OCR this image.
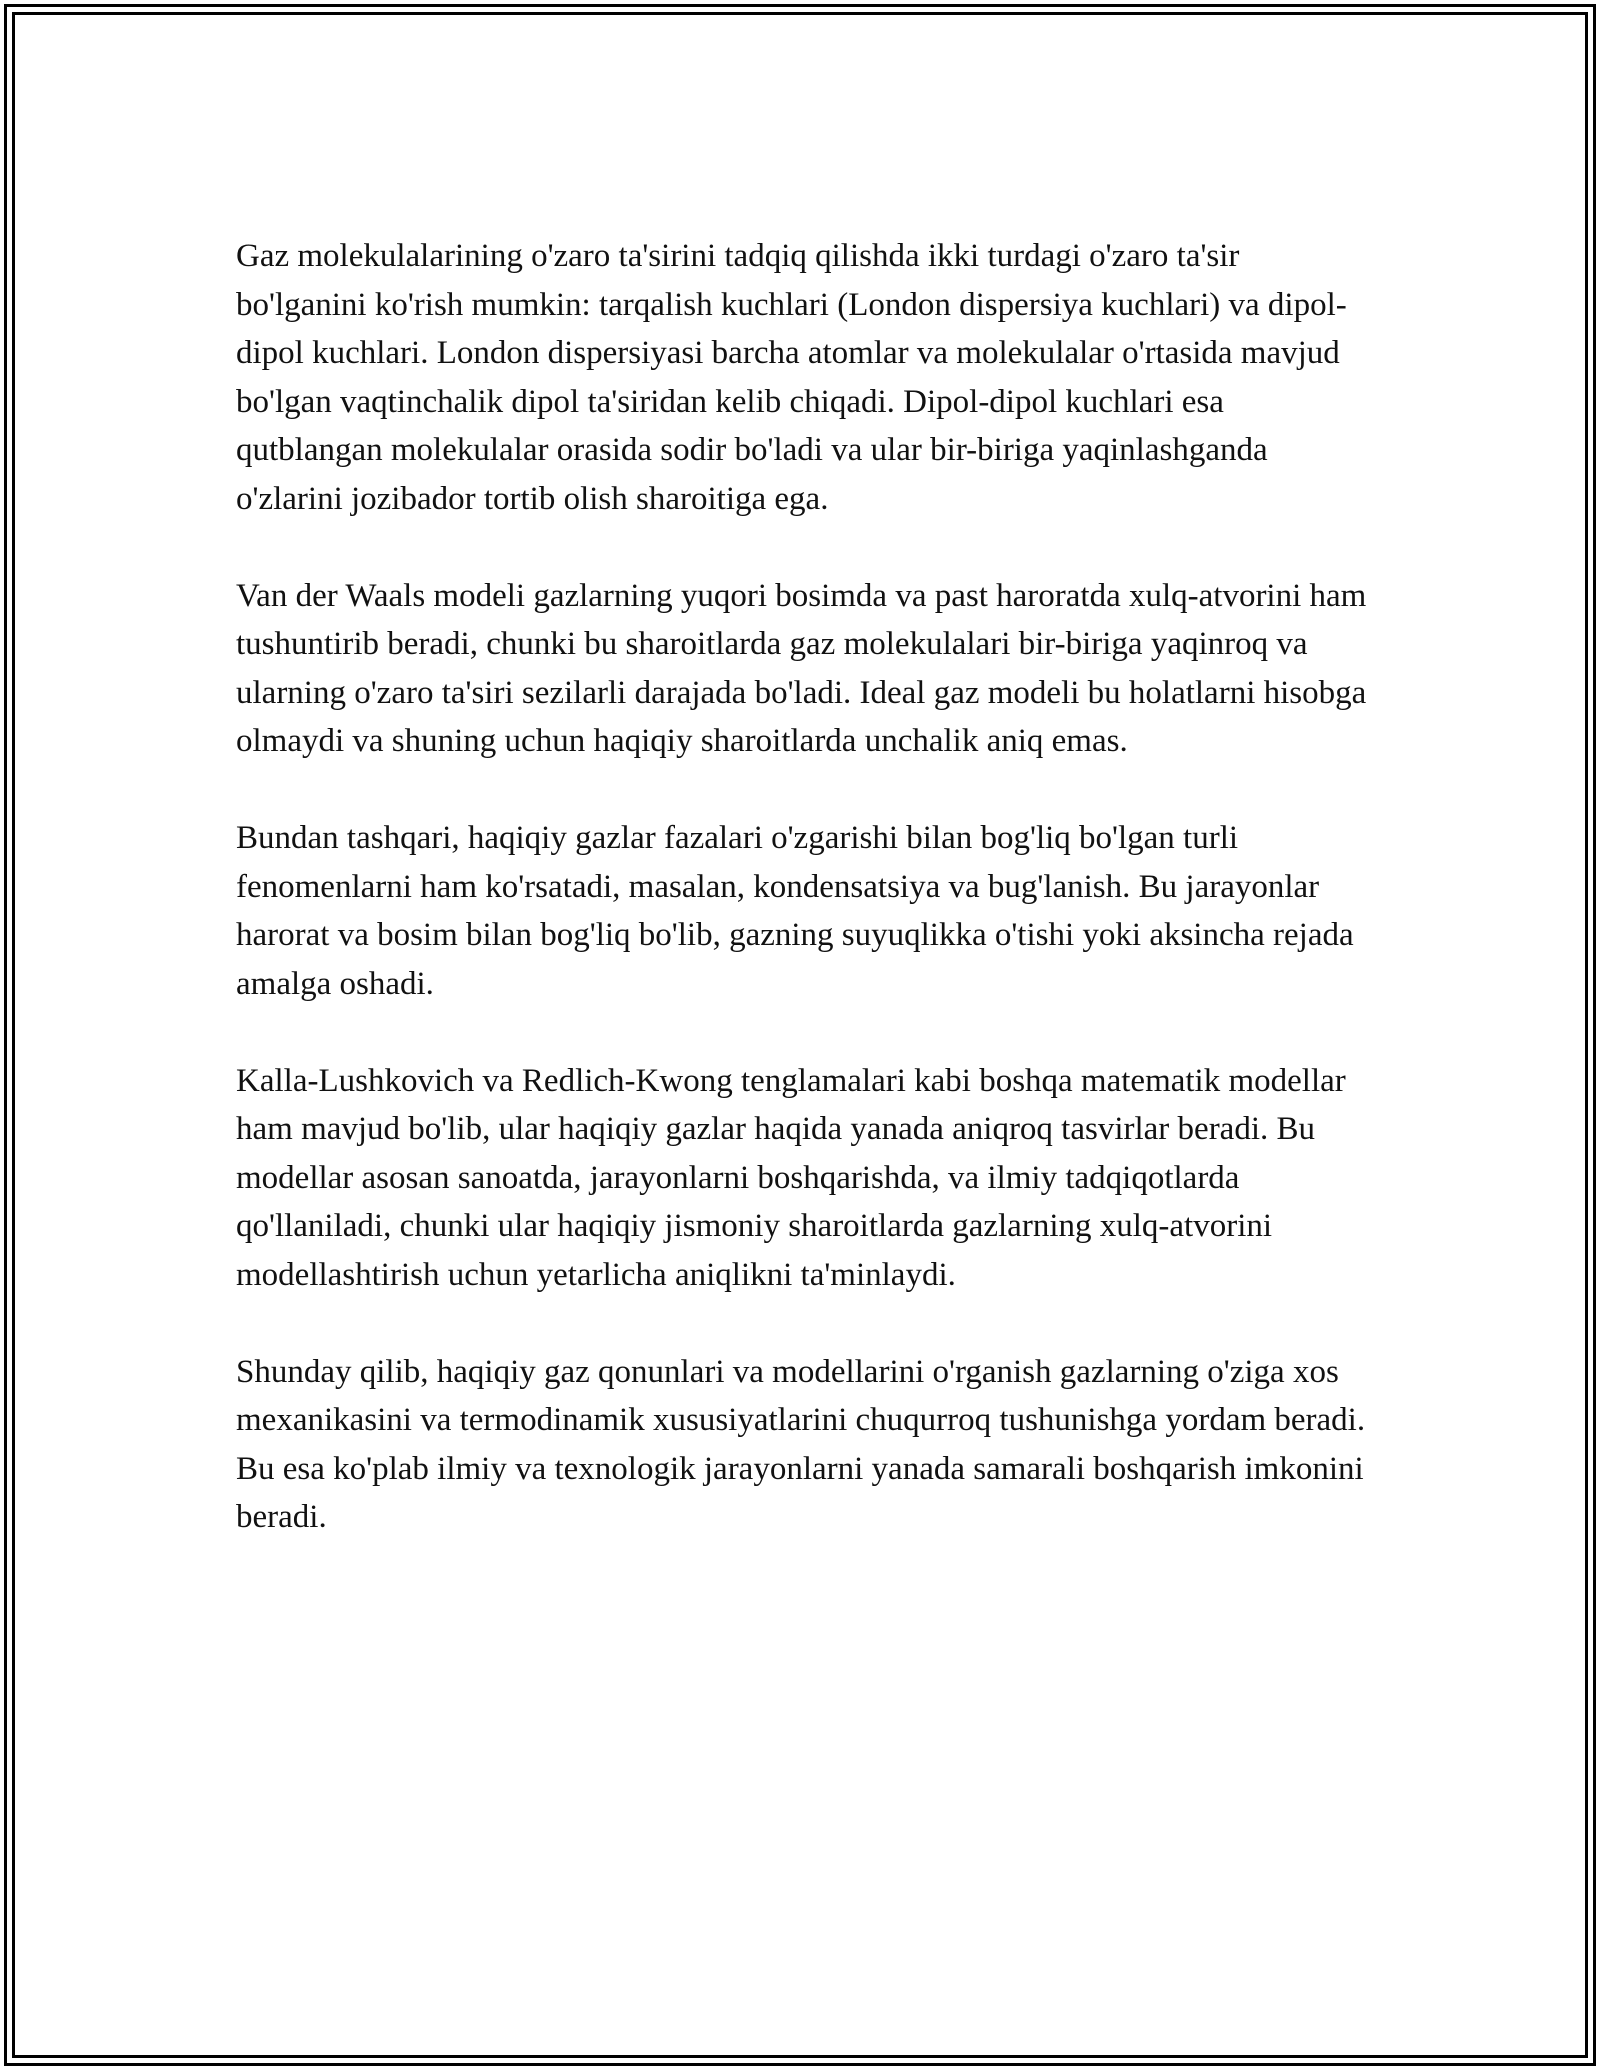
Gaz molekulalarining o'zaro ta'sirini tadqiq qilishda ikki turdagi o'zaro ta'sir bo'lganini ko'rish mumkin: tarqalish kuchlari (London dispersiya kuchlari) va dipol-dipol kuchlari. London dispersiyasi barcha atomlar va molekulalar o'rtasida mavjud bo'lgan vaqtinchalik dipol ta'siridan kelib chiqadi. Dipol-dipol kuchlari esa qutblangan molekulalar orasida sodir bo'ladi va ular bir-biriga yaqinlashganda o'zlarini jozibador tortib olish sharoitiga ega.

Van der Waals modeli gazlarning yuqori bosimda va past haroratda xulq-atvorini ham tushuntirib beradi, chunki bu sharoitlarda gaz molekulalari bir-biriga yaqinroq va ularning o'zaro ta'siri sezilarli darajada bo'ladi. Ideal gaz modeli bu holatlarni hisobga olmaydi va shuning uchun haqiqiy sharoitlarda unchalik aniq emas.

Bundan tashqari, haqiqiy gazlar fazalari o'zgarishi bilan bog'liq bo'lgan turli fenomenlarni ham ko'rsatadi, masalan, kondensatsiya va bug'lanish. Bu jarayonlar harorat va bosim bilan bog'liq bo'lib, gazning suyuqlikka o'tishi yoki aksincha rejada amalga oshadi.

Kalla-Lushkovich va Redlich-Kwong tenglamalari kabi boshqa matematik modellar ham mavjud bo'lib, ular haqiqiy gazlar haqida yanada aniqroq tasvirlar beradi. Bu modellar asosan sanoatda, jarayonlarni boshqarishda, va ilmiy tadqiqotlarda qo'llaniladi, chunki ular haqiqiy jismoniy sharoitlarda gazlarning xulq-atvorini modellashtirish uchun yetarlicha aniqlikni ta'minlaydi.

Shunday qilib, haqiqiy gaz qonunlari va modellarini o'rganish gazlarning o'ziga xos mexanikasini va termodinamik xususiyatlarini chuqurroq tushunishga yordam beradi. Bu esa ko'plab ilmiy va texnologik jarayonlarni yanada samarali boshqarish imkonini beradi.
